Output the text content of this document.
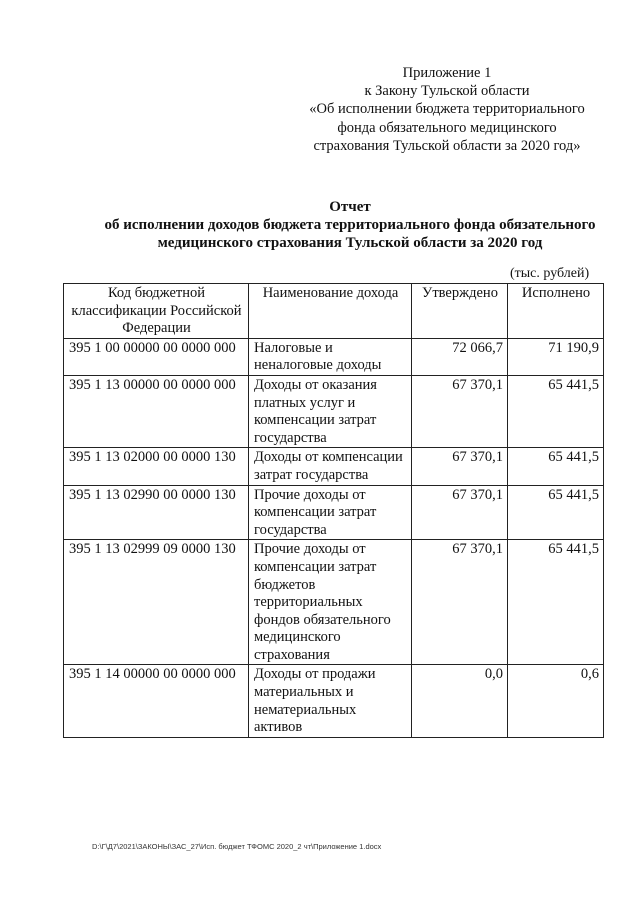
Приложение 1
к Закону Тульской области
«Об исполнении бюджета территориального
фонда обязательного медицинского
страхования Тульской области за 2020 год»
Отчет
об исполнении доходов бюджета территориального фонда обязательного
медицинского страхования Тульской области за 2020 год
(тыс. рублей)
Код бюджетной классификации Российской Федерации	Наименование дохода	Утверждено	Исполнено
395 1 00 00000 00 0000 000	Налоговые и неналоговые доходы	72 066,7	71 190,9
395 1 13 00000 00 0000 000	Доходы от оказания платных услуг и компенсации затрат государства	67 370,1	65 441,5
395 1 13 02000 00 0000 130	Доходы от компенсации затрат государства	67 370,1	65 441,5
395 1 13 02990 00 0000 130	Прочие доходы от компенсации затрат государства	67 370,1	65 441,5
395 1 13 02999 09 0000 130	Прочие доходы от компенсации затрат бюджетов территориальных фондов обязательного медицинского страхования	67 370,1	65 441,5
395 1 14 00000 00 0000 000	Доходы от продажи материальных и нематериальных активов	0,0	0,6
D:\Г\Д7\2021\ЗАКОНЫ\ЗАС_27\Исп. бюджет ТФОМС 2020_2 чт\Приложение 1.docx
